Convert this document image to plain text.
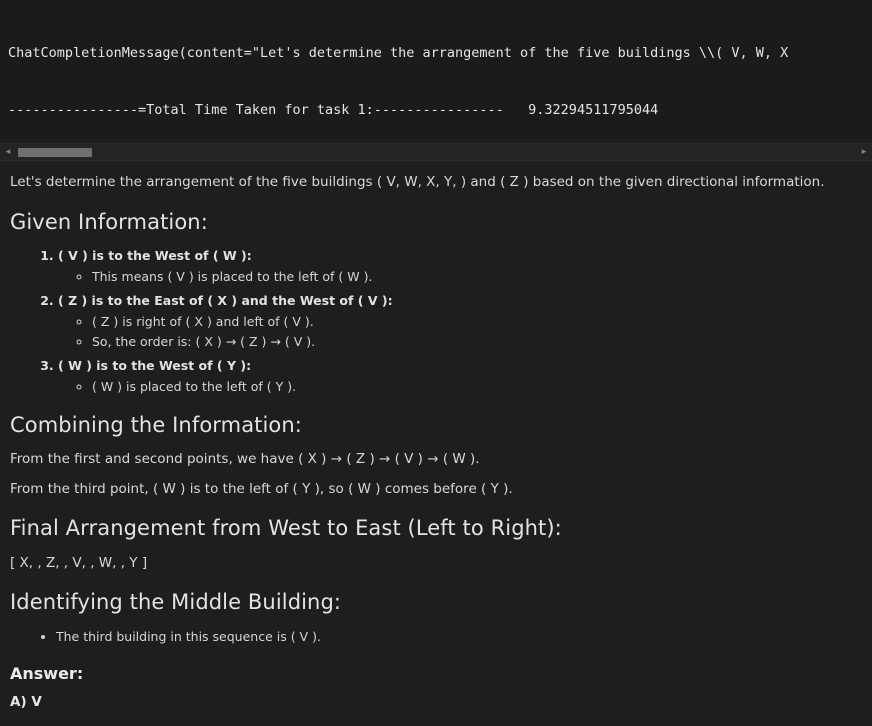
ChatCompletionMessage(content="Let's determine the arrangement of the five buildings \\( V, W, X

----------------=Total Time Taken for task 1:----------------   9.32294511795044

◂	▸

Let's determine the arrangement of the five buildings ( V, W, X, Y, ) and ( Z ) based on the given directional information.

Given Information:
1. ( V ) is to the West of ( W ):
◦ This means ( V ) is placed to the left of ( W ).
2. ( Z ) is to the East of ( X ) and the West of ( V ):
◦ ( Z ) is right of ( X ) and left of ( V ).
◦ So, the order is: ( X ) → ( Z ) → ( V ).
3. ( W ) is to the West of ( Y ):
◦ ( W ) is placed to the left of ( Y ).
Combining the Information:

From the first and second points, we have ( X ) → ( Z ) → ( V ) → ( W ).

From the third point, ( W ) is to the left of ( Y ), so ( W ) comes before ( Y ).

Final Arrangement from West to East (Left to Right):

[ X, , Z, , V, , W, , Y ]

Identifying the Middle Building:
• The third building in this sequence is ( V ).
Answer:
A) V
